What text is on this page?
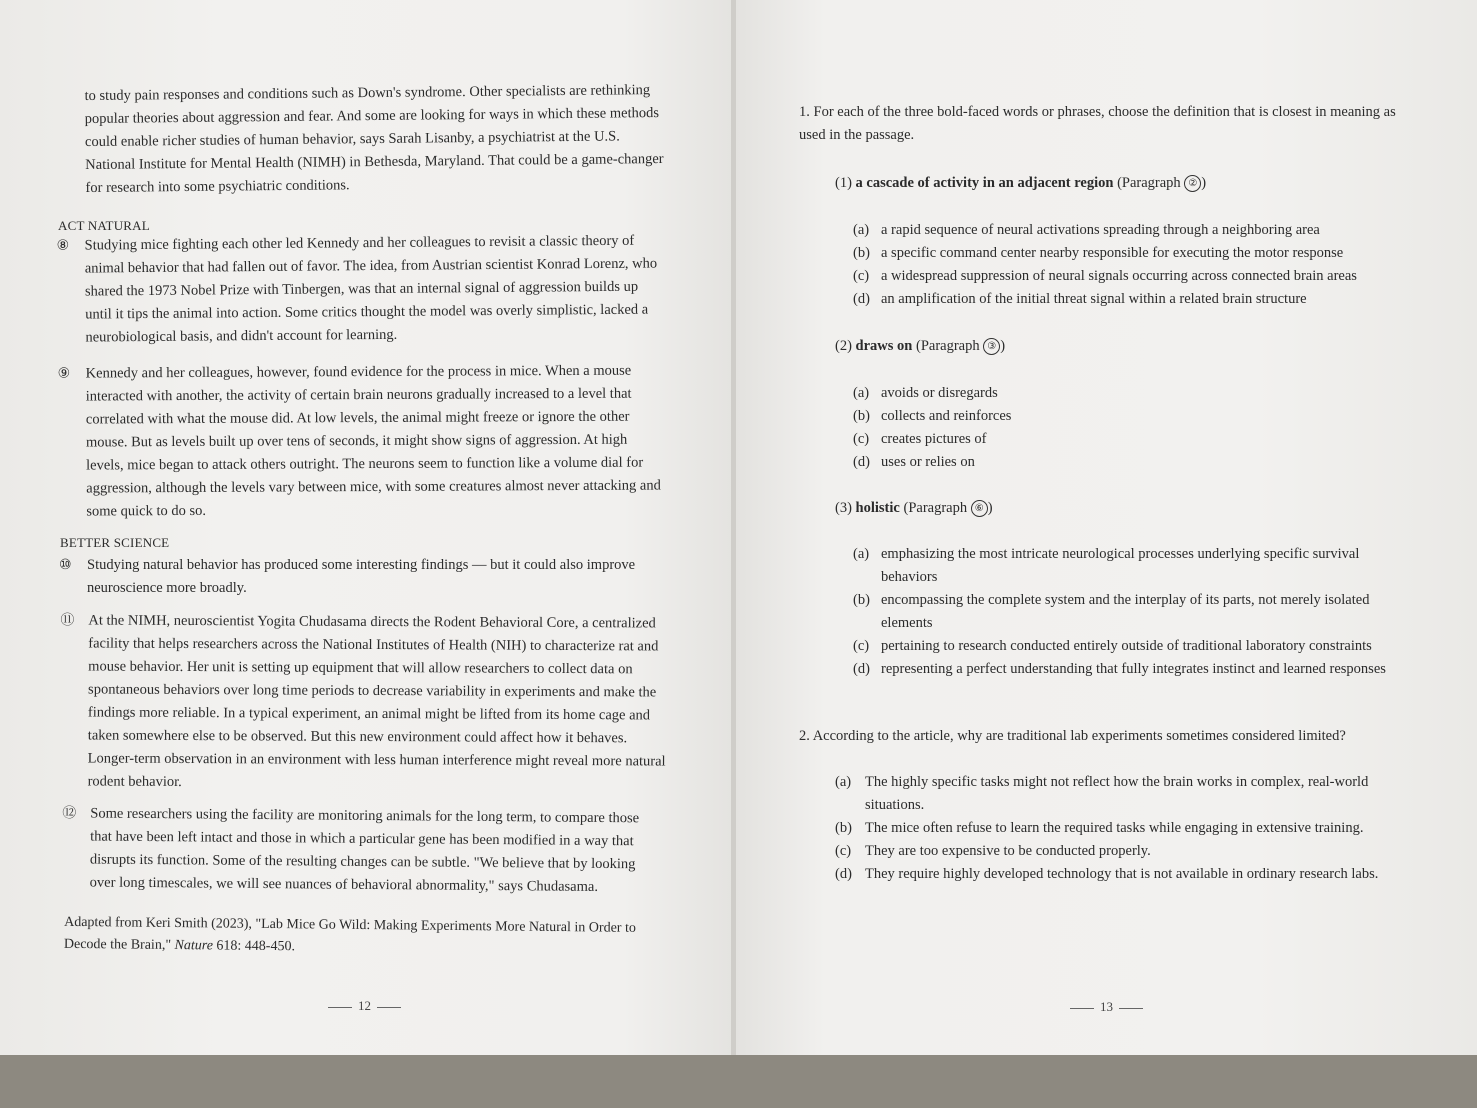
to study pain responses and conditions such as Down's syndrome. Other specialists are rethinking popular theories about aggression and fear. And some are looking for ways in which these methods could enable richer studies of human behavior, says Sarah Lisanby, a psychiatrist at the U.S. National Institute for Mental Health (NIMH) in Bethesda, Maryland. That could be a game-changer for research into some psychiatric conditions.
ACT NATURAL
⑧ Studying mice fighting each other led Kennedy and her colleagues to revisit a classic theory of animal behavior that had fallen out of favor. The idea, from Austrian scientist Konrad Lorenz, who shared the 1973 Nobel Prize with Tinbergen, was that an internal signal of aggression builds up until it tips the animal into action. Some critics thought the model was overly simplistic, lacked a neurobiological basis, and didn't account for learning.
⑨ Kennedy and her colleagues, however, found evidence for the process in mice. When a mouse interacted with another, the activity of certain brain neurons gradually increased to a level that correlated with what the mouse did. At low levels, the animal might freeze or ignore the other mouse. But as levels built up over tens of seconds, it might show signs of aggression. At high levels, mice began to attack others outright. The neurons seem to function like a volume dial for aggression, although the levels vary between mice, with some creatures almost never attacking and some quick to do so.
BETTER SCIENCE
⑩ Studying natural behavior has produced some interesting findings — but it could also improve neuroscience more broadly.
⑪ At the NIMH, neuroscientist Yogita Chudasama directs the Rodent Behavioral Core, a centralized facility that helps researchers across the National Institutes of Health (NIH) to characterize rat and mouse behavior. Her unit is setting up equipment that will allow researchers to collect data on spontaneous behaviors over long time periods to decrease variability in experiments and make the findings more reliable. In a typical experiment, an animal might be lifted from its home cage and taken somewhere else to be observed. But this new environment could affect how it behaves. Longer-term observation in an environment with less human interference might reveal more natural rodent behavior.
⑫ Some researchers using the facility are monitoring animals for the long term, to compare those that have been left intact and those in which a particular gene has been modified in a way that disrupts its function. Some of the resulting changes can be subtle. "We believe that by looking over long timescales, we will see nuances of behavioral abnormality," says Chudasama.
Adapted from Keri Smith (2023), "Lab Mice Go Wild: Making Experiments More Natural in Order to Decode the Brain," Nature 618: 448-450.
12
1. For each of the three bold-faced words or phrases, choose the definition that is closest in meaning as used in the passage.
(1) a cascade of activity in an adjacent region (Paragraph ② )
(a) a rapid sequence of neural activations spreading through a neighboring area
(b) a specific command center nearby responsible for executing the motor response
(c) a widespread suppression of neural signals occurring across connected brain areas
(d) an amplification of the initial threat signal within a related brain structure
(2) draws on (Paragraph ③ )
(a) avoids or disregards
(b) collects and reinforces
(c) creates pictures of
(d) uses or relies on
(3) holistic (Paragraph ⑥ )
(a) emphasizing the most intricate neurological processes underlying specific survival behaviors
(b) encompassing the complete system and the interplay of its parts, not merely isolated elements
(c) pertaining to research conducted entirely outside of traditional laboratory constraints
(d) representing a perfect understanding that fully integrates instinct and learned responses
2. According to the article, why are traditional lab experiments sometimes considered limited?
(a) The highly specific tasks might not reflect how the brain works in complex, real-world situations.
(b) The mice often refuse to learn the required tasks while engaging in extensive training.
(c) They are too expensive to be conducted properly.
(d) They require highly developed technology that is not available in ordinary research labs.
13
